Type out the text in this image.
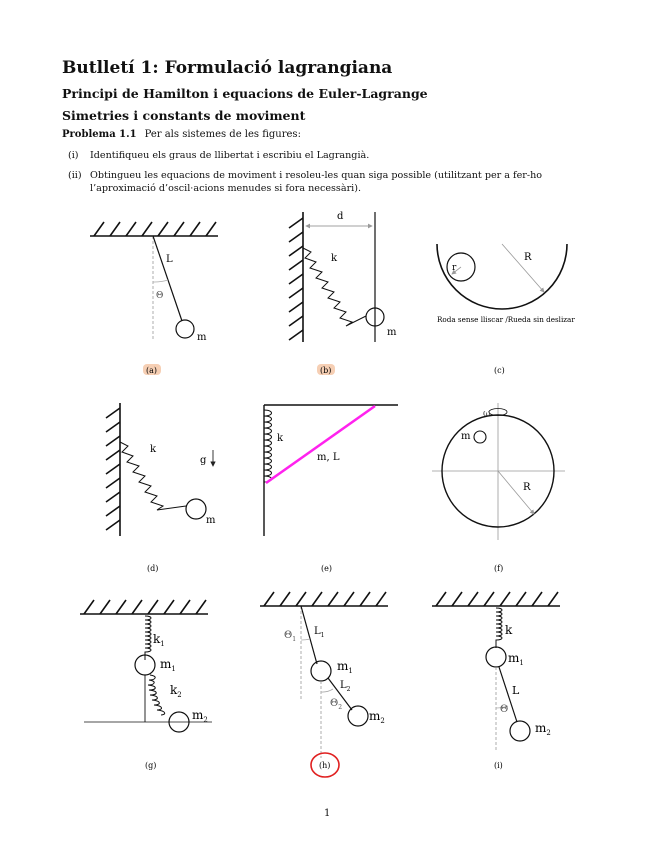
Butlletí 1: Formulació lagrangiana
Principi de Hamilton i equacions de Euler-Lagrange
Simetries i constants de moviment
Problema 1.1 Per als sistemes de les figures:
(i) Identifiqueu els graus de llibertat i escribiu el Lagrangià.
(ii) Obtingueu les equacions de moviment i resoleu-les quan siga possible (utilitzant per a fer-ho l’aproximació d’oscil·acions menudes si fora necessàri).
L
Θ
m
d
k
m
r
R
Roda sense lliscar /Rueda sin deslizar
(a)	(b)	(c)
k
g
m
k
m, L
ω
m
R
(d)	(e)	(f)
$k_1$
$m_1$
$k_2$
$m_2$
$\Theta_1$
$L_1$
$m_1$
$L_2$
$\Theta_2$
$m_2$
k
$m_1$
L
Θ
$m_2$
(g)	(h)	(i)
1
